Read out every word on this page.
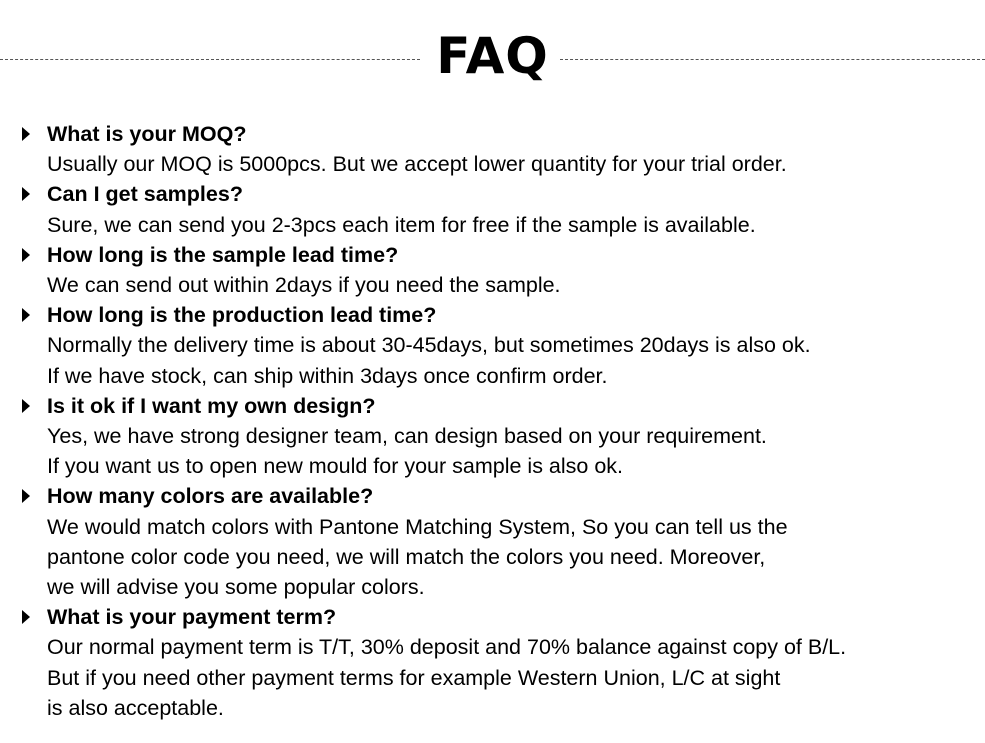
FAQ
What is your MOQ?
Usually our MOQ is 5000pcs. But we accept lower quantity for your trial order.
Can I get samples?
Sure, we can send you 2-3pcs each item for free if the sample is available.
How long is the sample lead time?
We can send out within 2days if you need the sample.
How long is the production lead time?
Normally the delivery time is about 30-45days, but sometimes 20days is also ok.
If we have stock, can ship within 3days once confirm order.
Is it ok if I want my own design?
Yes, we have strong designer team, can design based on your requirement.
If you want us to open new mould for your sample is also ok.
How many colors are available?
We would match colors with Pantone Matching System, So you can tell us the
pantone color code you need, we will match the colors you need. Moreover,
we will advise you some popular colors.
What is your payment term?
Our normal payment term is T/T, 30% deposit and 70% balance against copy of B/L.
But if you need other payment terms for example Western Union, L/C at sight
is also acceptable.
